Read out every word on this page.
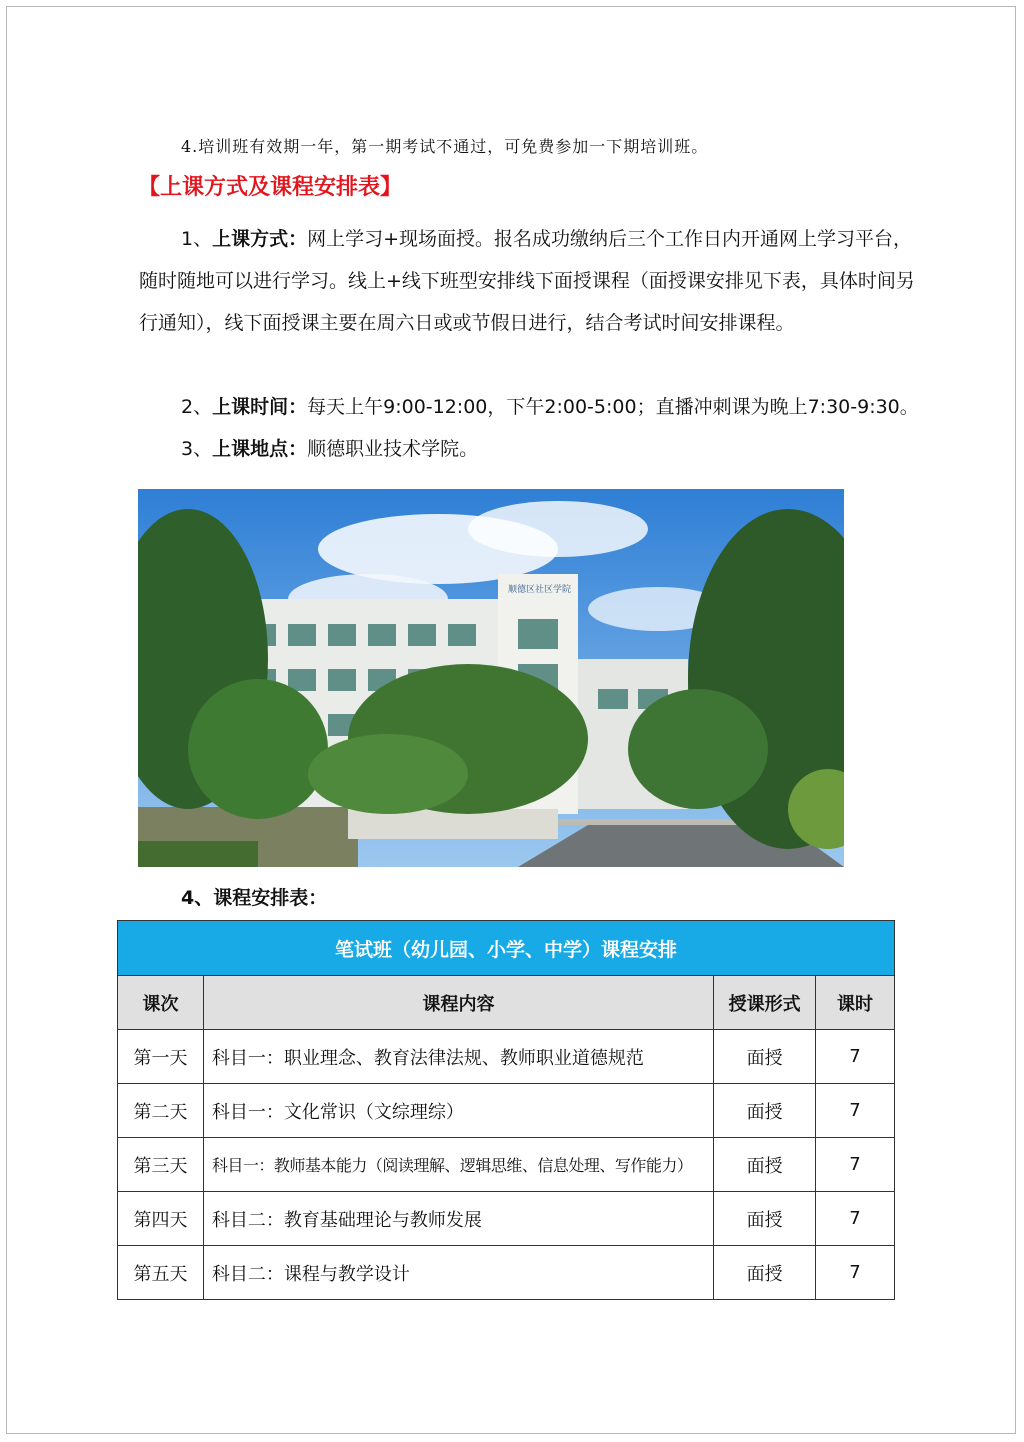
4.培训班有效期一年，第一期考试不通过，可免费参加一下期培训班。
【上课方式及课程安排表】
1、上课方式：网上学习+现场面授。报名成功缴纳后三个工作日内开通网上学习平台，随时随地可以进行学习。线上+线下班型安排线下面授课程（面授课安排见下表，具体时间另行通知），线下面授课主要在周六日或或节假日进行，结合考试时间安排课程。
2、上课时间：每天上午9:00-12:00，下午2:00-5:00；直播冲刺课为晚上7:30-9:30。
3、上课地点：顺德职业技术学院。
顺德区社区学院
4、课程安排表：
笔试班（幼儿园、小学、中学）课程安排			
课次	课程内容	授课形式	课时
第一天	科目一：职业理念、教育法律法规、教师职业道德规范	面授	7
第二天	科目一：文化常识（文综理综）	面授	7
第三天	科目一：教师基本能力（阅读理解、逻辑思维、信息处理、写作能力）	面授	7
第四天	科目二：教育基础理论与教师发展	面授	7
第五天	科目二：课程与教学设计	面授	7
